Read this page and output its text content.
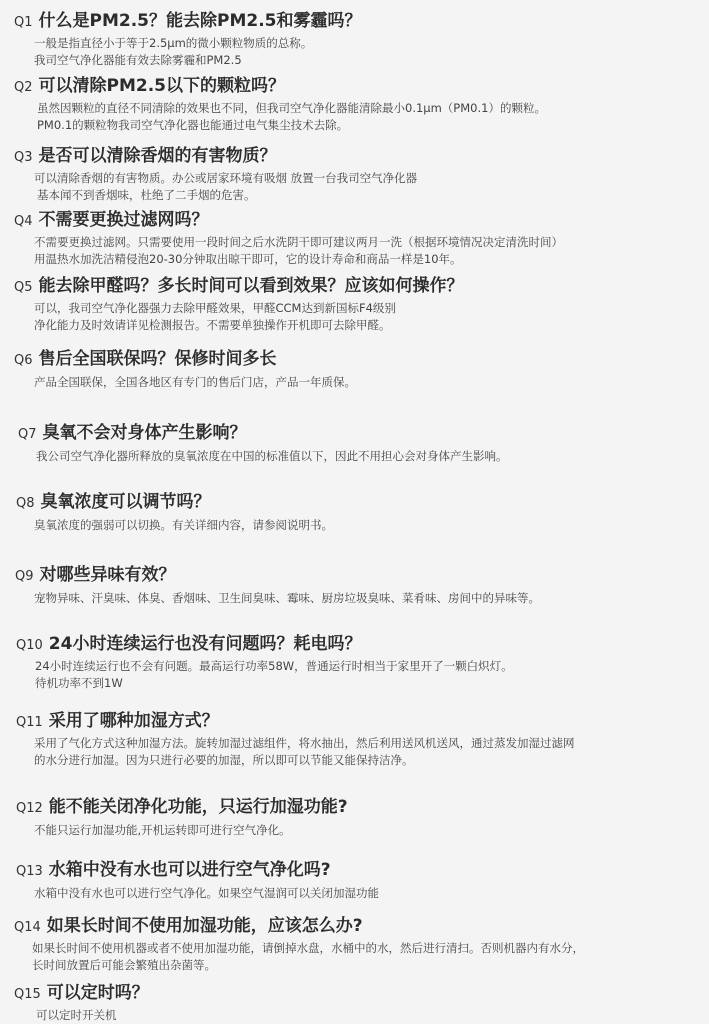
Q1 什么是PM2.5？能去除PM2.5和雾霾吗？
一般是指直径小于等于2.5μm的微小颗粒物质的总称。
我司空气净化器能有效去除雾霾和PM2.5
Q2 可以清除PM2.5以下的颗粒吗？
虽然因颗粒的直径不同清除的效果也不同，但我司空气净化器能清除最小0.1μm（PM0.1）的颗粒。
PM0.1的颗粒物我司空气净化器也能通过电气集尘技术去除。
Q3 是否可以清除香烟的有害物质？
可以清除香烟的有害物质。办公或居家环境有吸烟 放置一台我司空气净化器
基本闻不到香烟味，杜绝了二手烟的危害。
Q4 不需要更换过滤网吗？
不需要更换过滤网。只需要使用一段时间之后水洗阴干即可建议两月一洗（根据环境情况决定清洗时间）
用温热水加洗洁精侵泡20-30分钟取出晾干即可，它的设计寿命和商品一样是10年。
Q5 能去除甲醛吗？多长时间可以看到效果？应该如何操作？
可以，我司空气净化器强力去除甲醛效果，甲醛CCM达到新国标F4级别
净化能力及时效请详见检测报告。不需要单独操作开机即可去除甲醛。
Q6 售后全国联保吗？保修时间多长
产品全国联保，全国各地区有专门的售后门店，产品一年质保。
Q7 臭氧不会对身体产生影响？
我公司空气净化器所释放的臭氧浓度在中国的标准值以下，因此不用担心会对身体产生影响。
Q8 臭氧浓度可以调节吗？
臭氧浓度的强弱可以切换。有关详细内容，请参阅说明书。
Q9 对哪些异味有效？
宠物异味、汗臭味、体臭、香烟味、卫生间臭味、霉味、厨房垃圾臭味、菜肴味、房间中的异味等。
Q10 24小时连续运行也没有问题吗？耗电吗？
24小时连续运行也不会有问题。最高运行功率58W，普通运行时相当于家里开了一颗白炽灯。
待机功率不到1W
Q11 采用了哪种加湿方式？
采用了气化方式这种加湿方法。旋转加湿过滤组件，将水抽出，然后利用送风机送风，通过蒸发加湿过滤网
的水分进行加湿。因为只进行必要的加湿，所以即可以节能又能保持洁净。
Q12 能不能关闭净化功能，只运行加湿功能?
不能只运行加湿功能,开机运转即可进行空气净化。
Q13 水箱中没有水也可以进行空气净化吗?
水箱中没有水也可以进行空气净化。如果空气湿润可以关闭加湿功能
Q14 如果长时间不使用加湿功能，应该怎么办?
如果长时间不使用机器或者不使用加湿功能，请倒掉水盘，水桶中的水，然后进行清扫。否则机器内有水分，
长时间放置后可能会繁殖出杂菌等。
Q15 可以定时吗？
可以定时开关机
